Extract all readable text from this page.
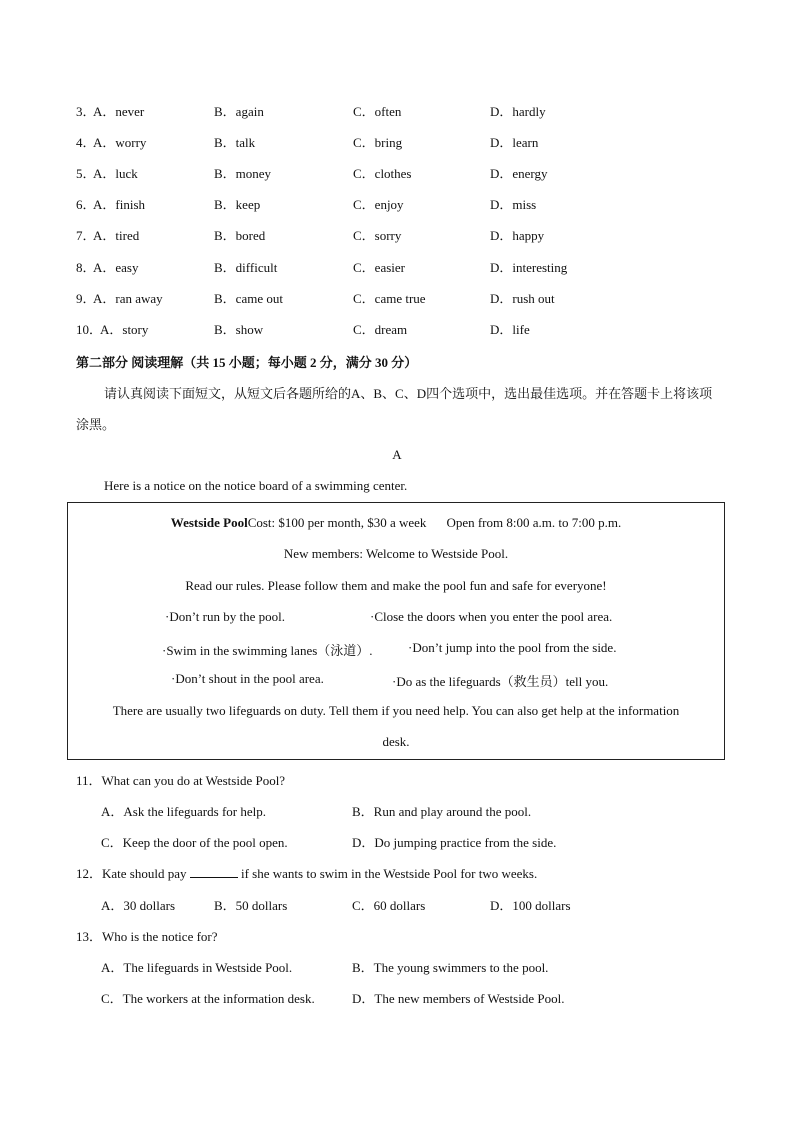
3．
A．never	B．again	C．often	D．hardly
4．
A．worry	B．talk	C．bring	D．learn
5．
A．luck	B．money	C．clothes	D．energy
6．
A．finish	B．keep	C．enjoy	D．miss
7．
A．tired	B．bored	C．sorry	D．happy
8．
A．easy	B．difficult	C．easier	D．interesting
9．
A．ran away	B．came out	C．came true	D．rush out
10．
A．story	B．show	C．dream	D．life
第二部分 阅读理解（共 15 小题；每小题 2 分，满分 30 分）
请认真阅读下面短文，从短文后各题所给的A、B、C、D四个选项中，选出最佳选项。并在答题卡上将该项涂黑。
A
Here is a notice on the notice board of a swimming center.
Westside PoolCost: $100 per month, $30 a week Open from 8:00 a.m. to 7:00 p.m.
New members: Welcome to Westside Pool.
Read our rules. Please follow them and make the pool fun and safe for everyone!
·Don’t run by the pool.	·Close the doors when you enter the pool area.
·Swim in the swimming lanes（泳道）.	·Don’t jump into the pool from the side.
·Don’t shout in the pool area.	·Do as the lifeguards（救生员）tell you.
There are usually two lifeguards on duty. Tell them if you need help. You can also get help at the information
desk.
11．What can you do at Westside Pool?
A．Ask the lifeguards for help.	B．Run and play around the pool.
C．Keep the door of the pool open.	D．Do jumping practice from the side.
12．Kate should pay	if she wants to swim in the Westside Pool for two weeks.
A．30 dollars	B．50 dollars	C．60 dollars	D．100 dollars
13．Who is the notice for?
A．The lifeguards in Westside Pool.	B．The young swimmers to the pool.
C．The workers at the information desk.	D．The new members of Westside Pool.
